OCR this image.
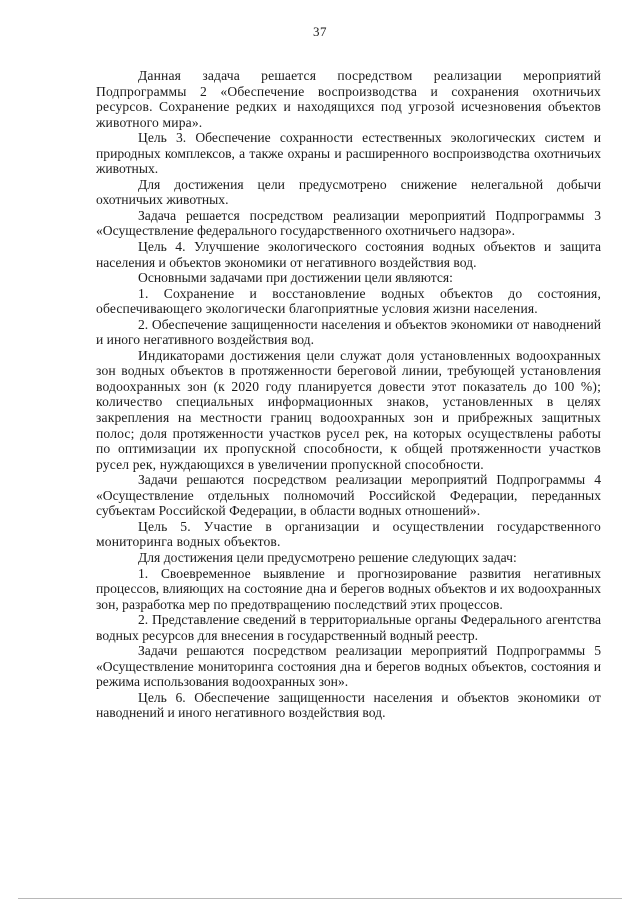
37

Данная задача решается посредством реализации мероприятий Подпрограммы 2 «Обеспечение воспроизводства и сохранения охотничьих ресурсов. Сохранение редких и находящихся под угрозой исчезновения объектов животного мира».

Цель 3. Обеспечение сохранности естественных экологических систем и природных комплексов, а также охраны и расширенного воспроизводства охотничьих животных.

Для достижения цели предусмотрено снижение нелегальной добычи охотничьих животных.

Задача решается посредством реализации мероприятий Подпрограммы 3 «Осуществление федерального государственного охотничьего надзора».

Цель 4. Улучшение экологического состояния водных объектов и защита населения и объектов экономики от негативного воздействия вод.

Основными задачами при достижении цели являются:

1. Сохранение и восстановление водных объектов до состояния, обеспечивающего экологически благоприятные условия жизни населения.

2. Обеспечение защищенности населения и объектов экономики от наводнений и иного негативного воздействия вод.

Индикаторами достижения цели служат доля установленных водоохранных зон водных объектов в протяженности береговой линии, требующей установления водоохранных зон (к 2020 году планируется довести этот показатель до 100 %); количество специальных информационных знаков, установленных в целях закрепления на местности границ водоохранных зон и прибрежных защитных полос; доля протяженности участков русел рек, на которых осуществлены работы по оптимизации их пропускной способности, к общей протяженности участков русел рек, нуждающихся в увеличении пропускной способности.

Задачи решаются посредством реализации мероприятий Подпрограммы 4 «Осуществление отдельных полномочий Российской Федерации, переданных субъектам Российской Федерации, в области водных отношений».

Цель 5. Участие в организации и осуществлении государственного мониторинга водных объектов.

Для достижения цели предусмотрено решение следующих задач:

1. Своевременное выявление и прогнозирование развития негативных процессов, влияющих на состояние дна и берегов водных объектов и их водоохранных зон, разработка мер по предотвращению последствий этих процессов.

2. Представление сведений в территориальные органы Федерального агентства водных ресурсов для внесения в государственный водный реестр.

Задачи решаются посредством реализации мероприятий Подпрограммы 5 «Осуществление мониторинга состояния дна и берегов водных объектов, состояния и режима использования водоохранных зон».

Цель 6. Обеспечение защищенности населения и объектов экономики от наводнений и иного негативного воздействия вод.
